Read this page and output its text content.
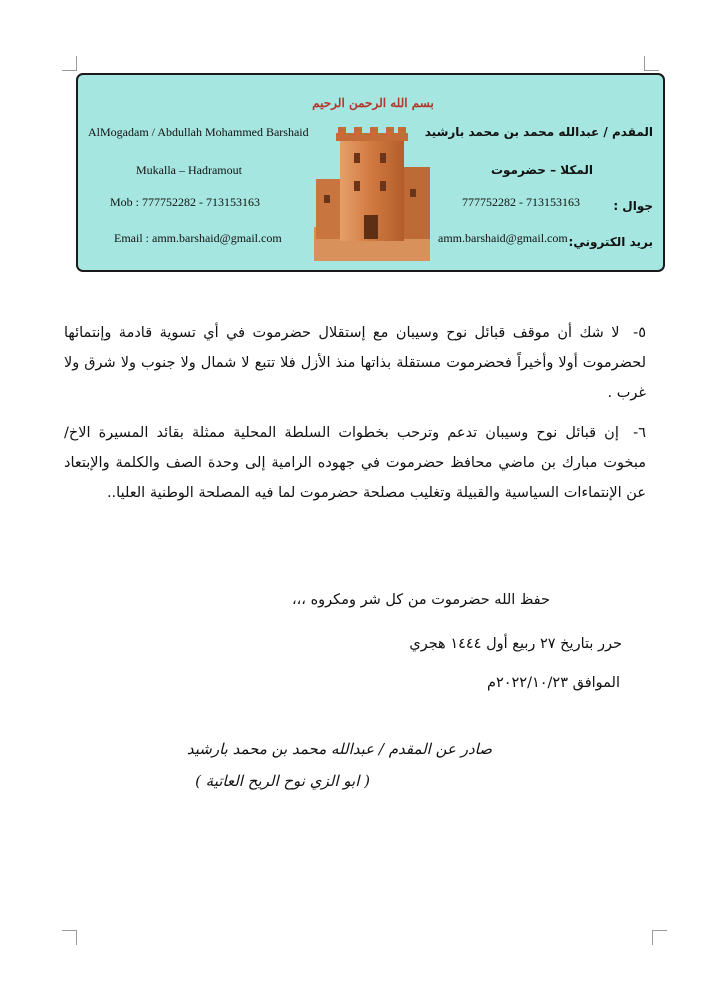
بسم الله الرحمن الرحيم
AlMogadam / Abdullah Mohammed Barshaid
Mukalla – Hadramout
Mob : 777752282 - 713153163
Email : amm.barshaid@gmail.com
المقدم / عبدالله محمد بن محمد بارشيد
المكلا – حضرموت
جوال :
777752282 - 713153163
بريد الكتروني:
amm.barshaid@gmail.com
٥- لا شك أن موقف قبائل نوح وسيبان مع إستقلال حضرموت في أي تسوية قادمة وإنتمائها لحضرموت أولا وأخيراً فحضرموت مستقلة بذاتها منذ الأزل فلا تتبع لا شمال ولا جنوب ولا شرق ولا غرب .
٦- إن قبائل نوح وسيبان تدعم وترحب بخطوات السلطة المحلية ممثلة بقائد المسيرة الاخ/ مبخوت مبارك بن ماضي محافظ حضرموت في جهوده الرامية إلى وحدة الصف والكلمة والإبتعاد عن الإنتماءات السياسية والقبيلة وتغليب مصلحة حضرموت لما فيه المصلحة الوطنية العليا..
حفظ الله حضرموت من كل شر ومكروه ،،،
حرر بتاريخ ٢٧ ربيع أول ١٤٤٤ هجري
الموافق ٢٠٢٢/١٠/٢٣م
صادر عن المقدم / عبدالله محمد بن محمد بارشيد
( ابو الزي نوح الريح العاتية )
